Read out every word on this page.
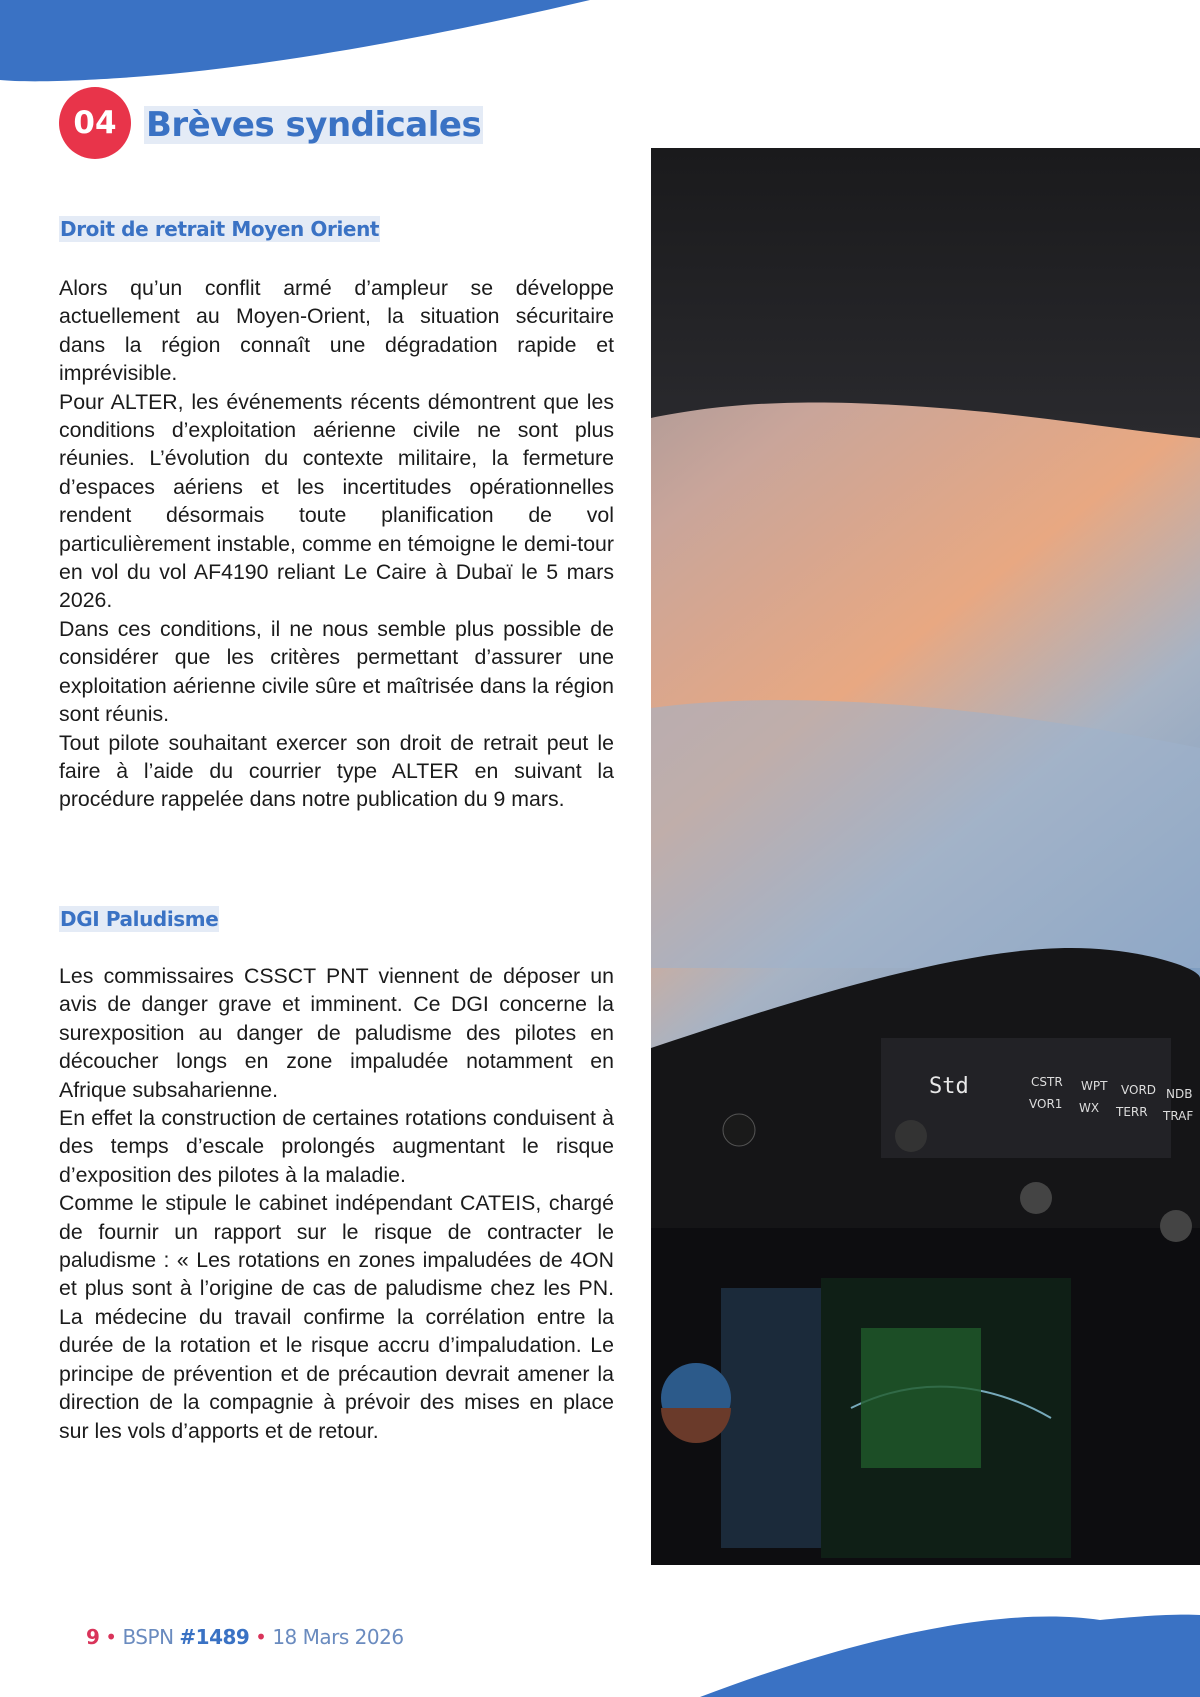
04 Brèves syndicales
Droit de retrait Moyen Orient

Alors qu’un conflit armé d’ampleur se développe actuellement au Moyen-Orient, la situation sécuritaire dans la région connaît une dégradation rapide et imprévisible.

Pour ALTER, les événements récents démontrent que les conditions d’exploitation aérienne civile ne sont plus réunies. L’évolution du contexte militaire, la fermeture d’espaces aériens et les incertitudes opérationnelles rendent désormais toute planification de vol particulièrement instable, comme en témoigne le demi-tour en vol du vol AF4190 reliant Le Caire à Dubaï le 5 mars 2026.

Dans ces conditions, il ne nous semble plus possible de considérer que les critères permettant d’assurer une exploitation aérienne civile sûre et maîtrisée dans la région sont réunis.

Tout pilote souhaitant exercer son droit de retrait peut le faire à l’aide du courrier type ALTER en suivant la procédure rappelée dans notre publication du 9 mars.

DGI Paludisme

Les commissaires CSSCT PNT viennent de déposer un avis de danger grave et imminent. Ce DGI concerne la surexposition au danger de paludisme des pilotes en découcher longs en zone impaludée notamment en Afrique subsaharienne.

En effet la construction de certaines rotations conduisent à des temps d’escale prolongés augmentant le risque d’exposition des pilotes à la maladie.

Comme le stipule le cabinet indépendant CATEIS, chargé de fournir un rapport sur le risque de contracter le paludisme : « Les rotations en zones impaludées de 4ON et plus sont à l’origine de cas de paludisme chez les PN. La médecine du travail confirme la corrélation entre la durée de la rotation et le risque accru d’impaludation. Le principe de prévention et de précaution devrait amener la direction de la compagnie à prévoir des mises en place sur les vols d’apports et de retour.

Std	CSTR WPT VORD NDB
VOR1 WX TERR TRAF
9 • BSPN #1489 • 18 Mars 2026
